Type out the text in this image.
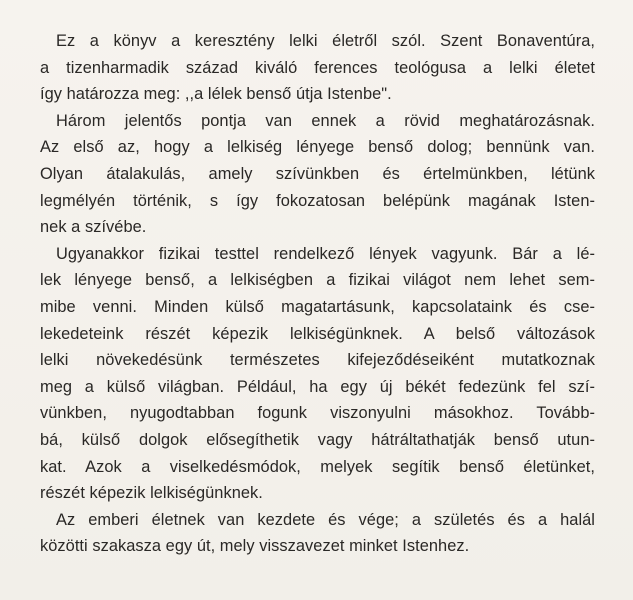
Ez a könyv a keresztény lelki életről szól. Szent Bonaventúra,
a tizenharmadik század kiváló ferences teológusa a lelki életet
így határozza meg: ,,a lélek benső útja Istenbe".
Három jelentős pontja van ennek a rövid meghatározásnak.
Az első az, hogy a lelkiség lényege benső dolog; bennünk van.
Olyan átalakulás, amely szívünkben és értelmünkben, létünk
legmélyén történik, s így fokozatosan belépünk magának Isten-
nek a szívébe.
Ugyanakkor fizikai testtel rendelkező lények vagyunk. Bár a lé-
lek lényege benső, a lelkiségben a fizikai világot nem lehet sem-
mibe venni. Minden külső magatartásunk, kapcsolataink és cse-
lekedeteink részét képezik lelkiségünknek. A belső változások
lelki növekedésünk természetes kifejeződéseiként mutatkoznak
meg a külső világban. Például, ha egy új békét fedezünk fel szí-
vünkben, nyugodtabban fogunk viszonyulni másokhoz. Tovább-
bá, külső dolgok elősegíthetik vagy hátráltathatják benső utun-
kat. Azok a viselkedésmódok, melyek segítik benső életünket,
részét képezik lelkiségünknek.
Az emberi életnek van kezdete és vége; a születés és a halál
közötti szakasza egy út, mely visszavezet minket Istenhez.
